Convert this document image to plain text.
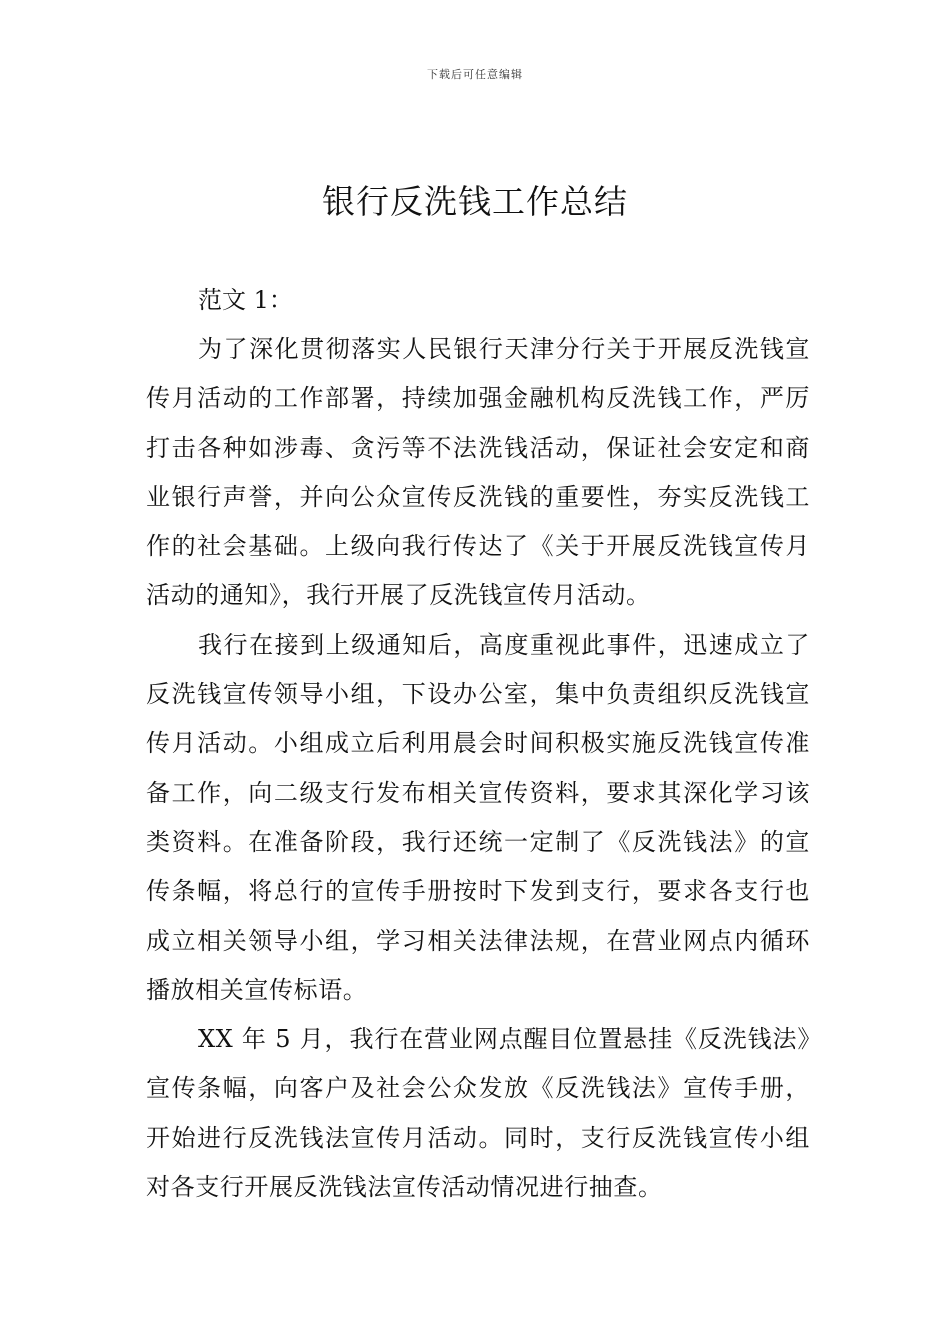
下载后可任意编辑
银行反洗钱工作总结

范文 1：

为了深化贯彻落实人民银行天津分行关于开展反洗钱宣传月活动的工作部署，持续加强金融机构反洗钱工作，严厉打击各种如涉毒、贪污等不法洗钱活动，保证社会安定和商业银行声誉，并向公众宣传反洗钱的重要性，夯实反洗钱工作的社会基础。上级向我行传达了《关于开展反洗钱宣传月活动的通知》，我行开展了反洗钱宣传月活动。

我行在接到上级通知后，高度重视此事件，迅速成立了反洗钱宣传领导小组，下设办公室，集中负责组织反洗钱宣传月活动。小组成立后利用晨会时间积极实施反洗钱宣传准备工作，向二级支行发布相关宣传资料，要求其深化学习该类资料。在准备阶段，我行还统一定制了《反洗钱法》的宣传条幅，将总行的宣传手册按时下发到支行，要求各支行也成立相关领导小组，学习相关法律法规，在营业网点内循环播放相关宣传标语。

XX 年 5 月，我行在营业网点醒目位置悬挂《反洗钱法》宣传条幅，向客户及社会公众发放《反洗钱法》宣传手册，开始进行反洗钱法宣传月活动。同时，支行反洗钱宣传小组对各支行开展反洗钱法宣传活动情况进行抽查。
